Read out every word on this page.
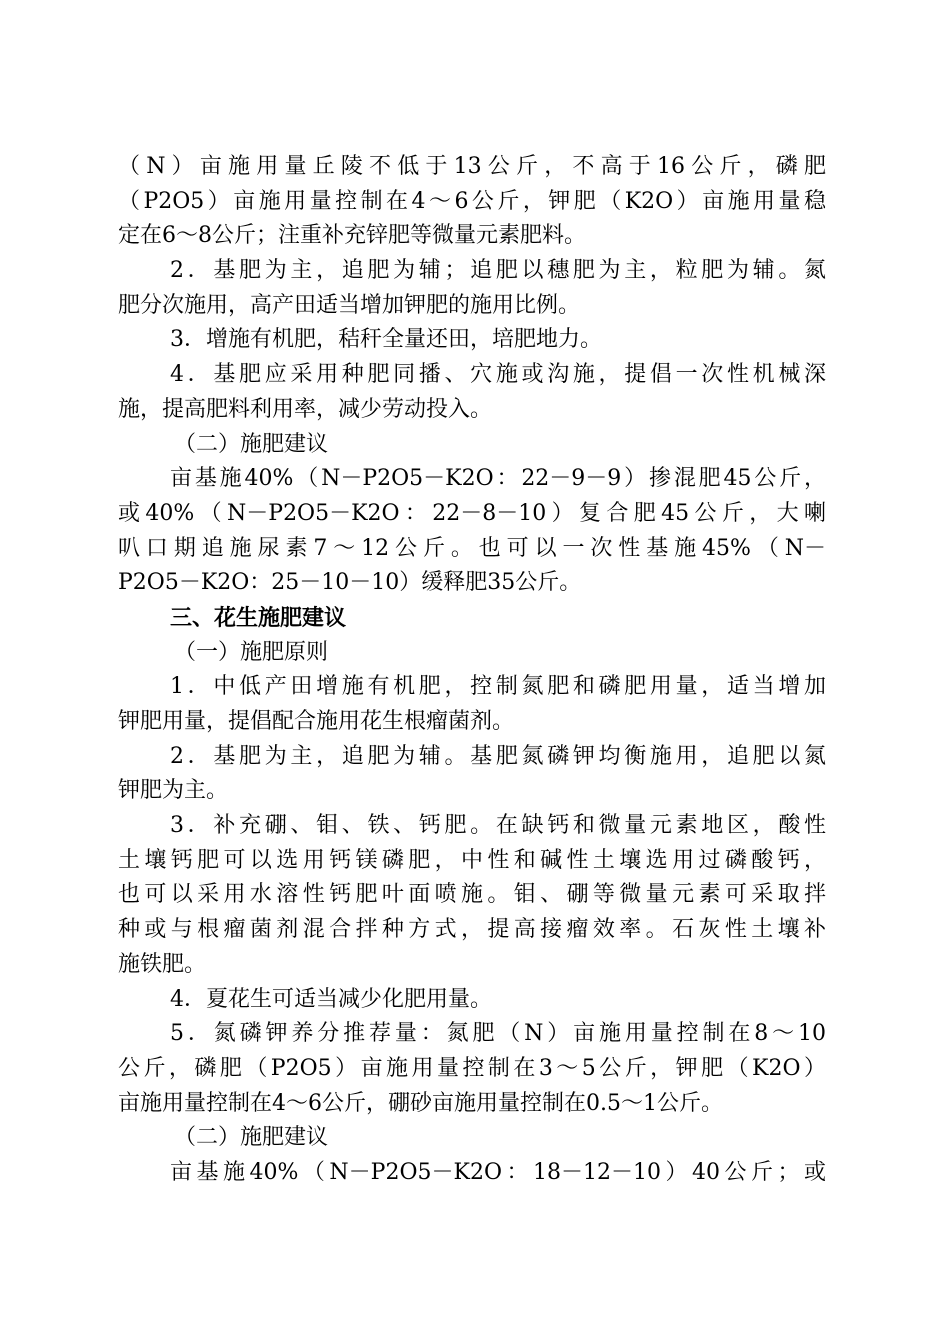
（N）亩施用量丘陵不低于13公斤，不高于16公斤，磷肥
（P2O5）亩施用量控制在4～6公斤，钾肥（K2O）亩施用量稳
定在6～8公斤；注重补充锌肥等微量元素肥料。
2．基肥为主，追肥为辅；追肥以穗肥为主，粒肥为辅。氮
肥分次施用，高产田适当增加钾肥的施用比例。
3．增施有机肥，秸秆全量还田，培肥地力。
4．基肥应采用种肥同播、穴施或沟施，提倡一次性机械深
施，提高肥料利用率，减少劳动投入。
（二）施肥建议
亩基施40%（N－P2O5－K2O：22－9－9）掺混肥45公斤，
或40%（N－P2O5－K2O：22－8－10）复合肥45公斤，大喇
叭口期追施尿素7～12公斤。也可以一次性基施45%（N－
P2O5－K2O：25－10－10）缓释肥35公斤。
三、花生施肥建议
（一）施肥原则
1．中低产田增施有机肥，控制氮肥和磷肥用量，适当增加
钾肥用量，提倡配合施用花生根瘤菌剂。
2．基肥为主，追肥为辅。基肥氮磷钾均衡施用，追肥以氮
钾肥为主。
3．补充硼、钼、铁、钙肥。在缺钙和微量元素地区，酸性
土壤钙肥可以选用钙镁磷肥，中性和碱性土壤选用过磷酸钙，
也可以采用水溶性钙肥叶面喷施。钼、硼等微量元素可采取拌
种或与根瘤菌剂混合拌种方式，提高接瘤效率。石灰性土壤补
施铁肥。
4．夏花生可适当减少化肥用量。
5．氮磷钾养分推荐量：氮肥（N）亩施用量控制在8～10
公斤，磷肥（P2O5）亩施用量控制在3～5公斤，钾肥（K2O）
亩施用量控制在4～6公斤，硼砂亩施用量控制在0.5～1公斤。
（二）施肥建议
亩基施40%（N－P2O5－K2O：18－12－10）40公斤；或
